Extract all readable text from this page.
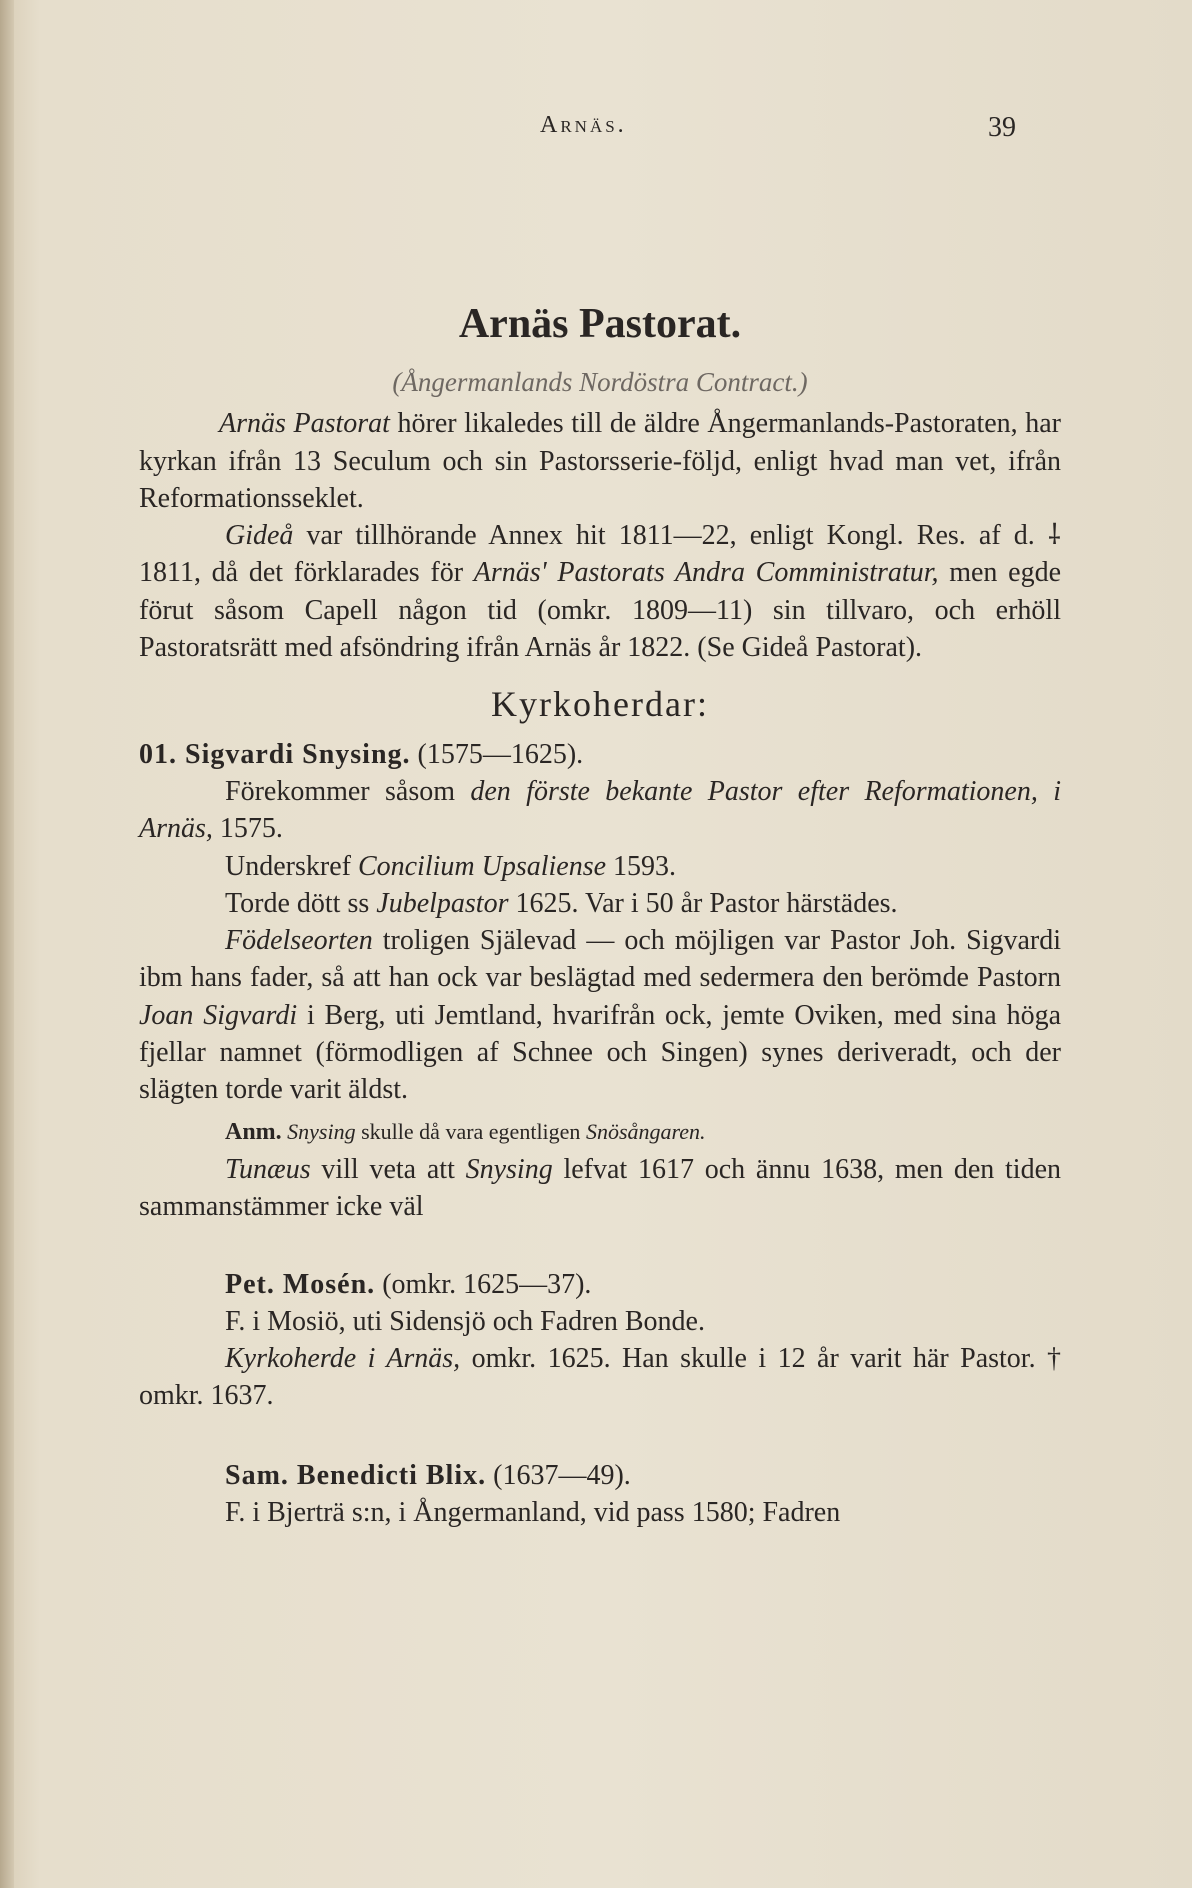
Arnäs.	39

Arnäs Pastorat.

(Ångermanlands Nordöstra Contract.)

Arnäs Pastorat hörer likaledes till de äldre Ångermanlands-Pastoraten, har kyrkan ifrån 13 Seculum och sin Pastorsserie-följd, enligt hvad man vet, ifrån Reformationsseklet.

Gideå var tillhörande Annex hit 1811—22, enligt Kongl. Res. af d. ⸸ 1811, då det förklarades för Arnäs' Pastorats Andra Comministratur, men egde förut såsom Capell någon tid (omkr. 1809—11) sin tillvaro, och erhöll Pastoratsrätt med afsöndring ifrån Arnäs år 1822. (Se Gideå Pastorat).

Kyrkoherdar:

01. Sigvardi Snysing. (1575—1625).

Förekommer såsom den förste bekante Pastor efter Reformationen, i Arnäs, 1575.

Underskref Concilium Upsaliense 1593.

Torde dött ss Jubelpastor 1625. Var i 50 år Pastor härstädes.

Födelseorten troligen Själevad — och möjligen var Pastor Joh. Sigvardi ibm hans fader, så att han ock var beslägtad med sedermera den berömde Pastorn Joan Sigvardi i Berg, uti Jemtland, hvarifrån ock, jemte Oviken, med sina höga fjellar namnet (förmodligen af Schnee och Singen) synes deriveradt, och der slägten torde varit äldst.

Anm. Snysing skulle då vara egentligen Snösångaren.

Tunæus vill veta att Snysing lefvat 1617 och ännu 1638, men den tiden sammanstämmer icke väl

Pet. Mosén. (omkr. 1625—37).

F. i Mosiö, uti Sidensjö och Fadren Bonde.

Kyrkoherde i Arnäs, omkr. 1625. Han skulle i 12 år varit här Pastor. † omkr. 1637.

Sam. Benedicti Blix. (1637—49).

F. i Bjerträ s:n, i Ångermanland, vid pass 1580; Fadren
